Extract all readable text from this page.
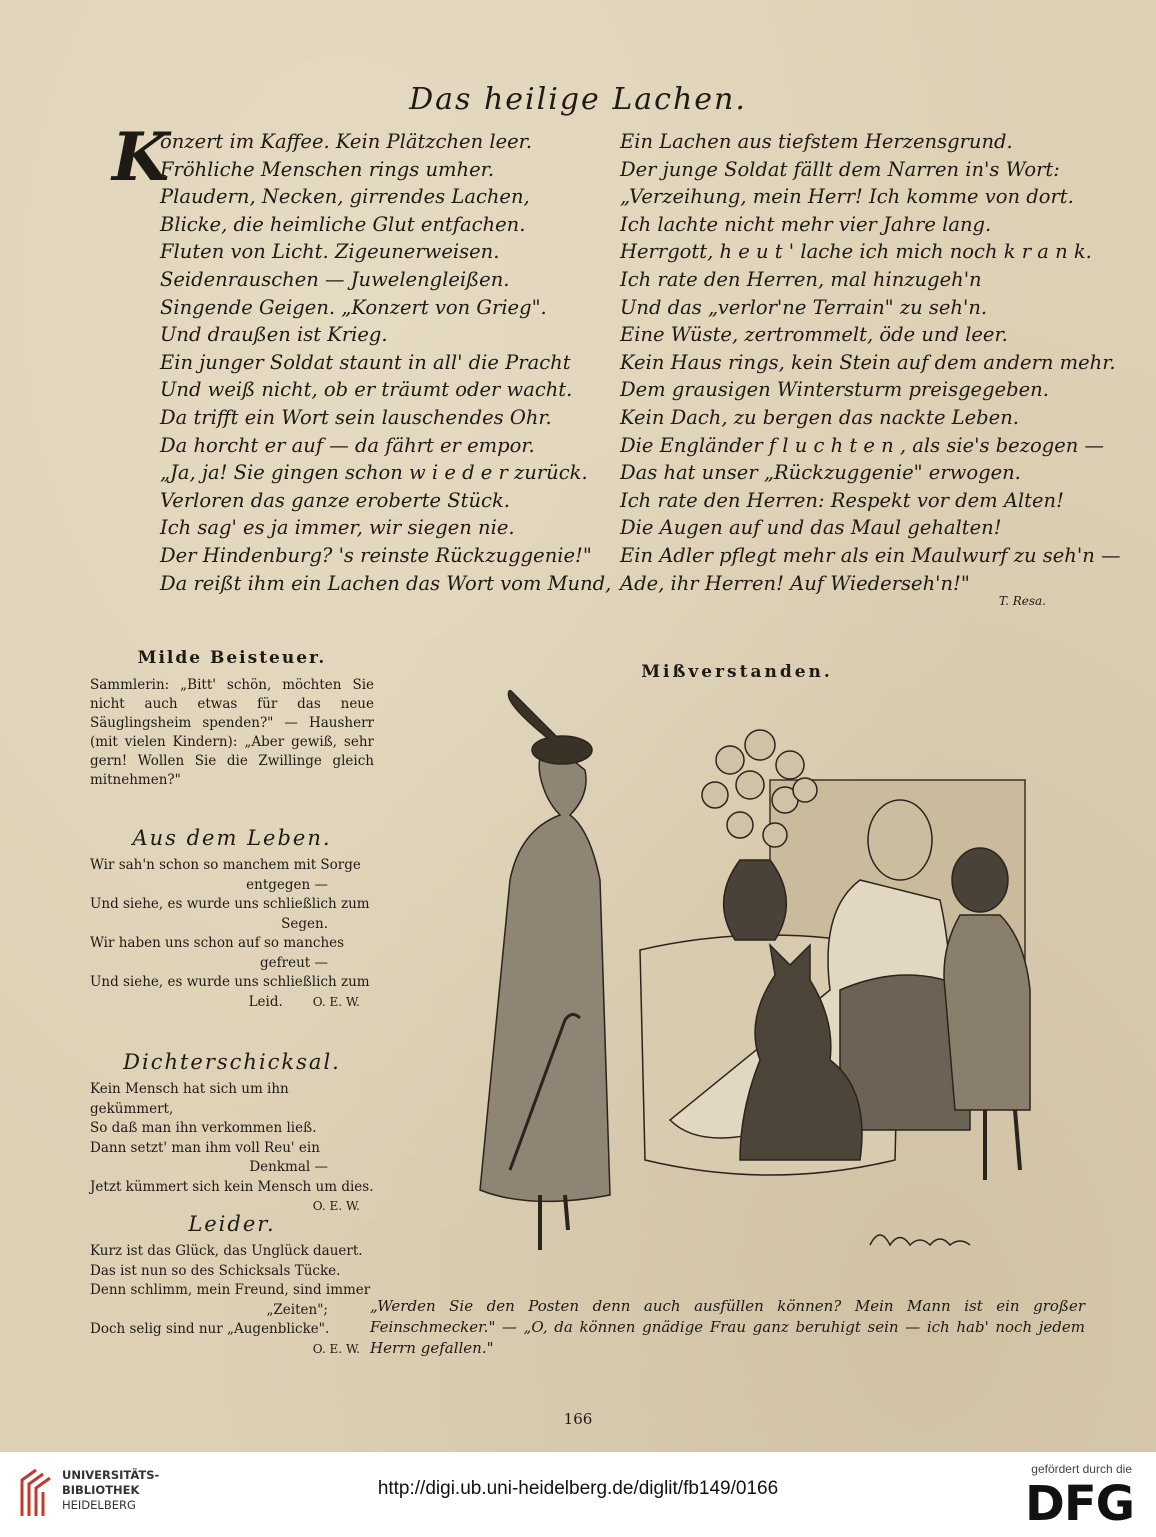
Das heilige Lachen.
K
onzert im Kaffee. Kein Plätzchen leer.
Fröhliche Menschen rings umher.
Plaudern, Necken, girrendes Lachen,
Blicke, die heimliche Glut entfachen.
Fluten von Licht. Zigeunerweisen.
Seidenrauschen — Juwelengleißen.
Singende Geigen. „Konzert von Grieg".
Und draußen ist Krieg.
Ein junger Soldat staunt in all' die Pracht
Und weiß nicht, ob er träumt oder wacht.
Da trifft ein Wort sein lauschendes Ohr.
Da horcht er auf — da fährt er empor.
„Ja, ja! Sie gingen schon w i e d e r zurück.
Verloren das ganze eroberte Stück.
Ich sag' es ja immer, wir siegen nie.
Der Hindenburg? 's reinste Rückzuggenie!"
Da reißt ihm ein Lachen das Wort vom Mund,
Ein Lachen aus tiefstem Herzensgrund.
Der junge Soldat fällt dem Narren in's Wort:
„Verzeihung, mein Herr! Ich komme von dort.
Ich lachte nicht mehr vier Jahre lang.
Herrgott, h e u t ' lache ich mich noch k r a n k.
Ich rate den Herren, mal hinzugeh'n
Und das „verlor'ne Terrain" zu seh'n.
Eine Wüste, zertrommelt, öde und leer.
Kein Haus rings, kein Stein auf dem andern mehr.
Dem grausigen Wintersturm preisgegeben.
Kein Dach, zu bergen das nackte Leben.
Die Engländer f l u c h t e n , als sie's bezogen —
Das hat unser „Rückzuggenie" erwogen.
Ich rate den Herren: Respekt vor dem Alten!
Die Augen auf und das Maul gehalten!
Ein Adler pflegt mehr als ein Maulwurf zu seh'n —
Ade, ihr Herren! Auf Wiederseh'n!"
T. Resa.
Milde Beisteuer.

Sammlerin: „Bitt' schön, möchten Sie nicht auch etwas für das neue Säuglingsheim spenden?" — Hausherr (mit vielen Kindern): „Aber gewiß, sehr gern! Wollen Sie die Zwillinge gleich mitnehmen?"

Aus dem Leben.
Wir sah'n schon so manchem mit Sorge
entgegen —
Und siehe, es wurde uns schließlich zum
Segen.
Wir haben uns schon auf so manches
gefreut —
Und siehe, es wurde uns schließlich zum
Leid.	O. E. W.
Dichterschicksal.
Kein Mensch hat sich um ihn gekümmert,
So daß man ihn verkommen ließ.
Dann setzt' man ihm voll Reu' ein
Denkmal —
Jetzt kümmert sich kein Mensch um dies.
O. E. W.
Leider.
Kurz ist das Glück, das Unglück dauert.
Das ist nun so des Schicksals Tücke.
Denn schlimm, mein Freund, sind immer
„Zeiten";
Doch selig sind nur „Augenblicke".
O. E. W.
Mißverstanden.
„Werden Sie den Posten denn auch ausfüllen können? Mein Mann ist ein großer Feinschmecker." — „O, da können gnädige Frau ganz beruhigt sein — ich hab' noch jedem Herrn gefallen."
166
UNIVERSITÄTS-
BIBLIOTHEK
HEIDELBERG
http://digi.ub.uni-heidelberg.de/diglit/fb149/0166
gefördert durch die
DFG
